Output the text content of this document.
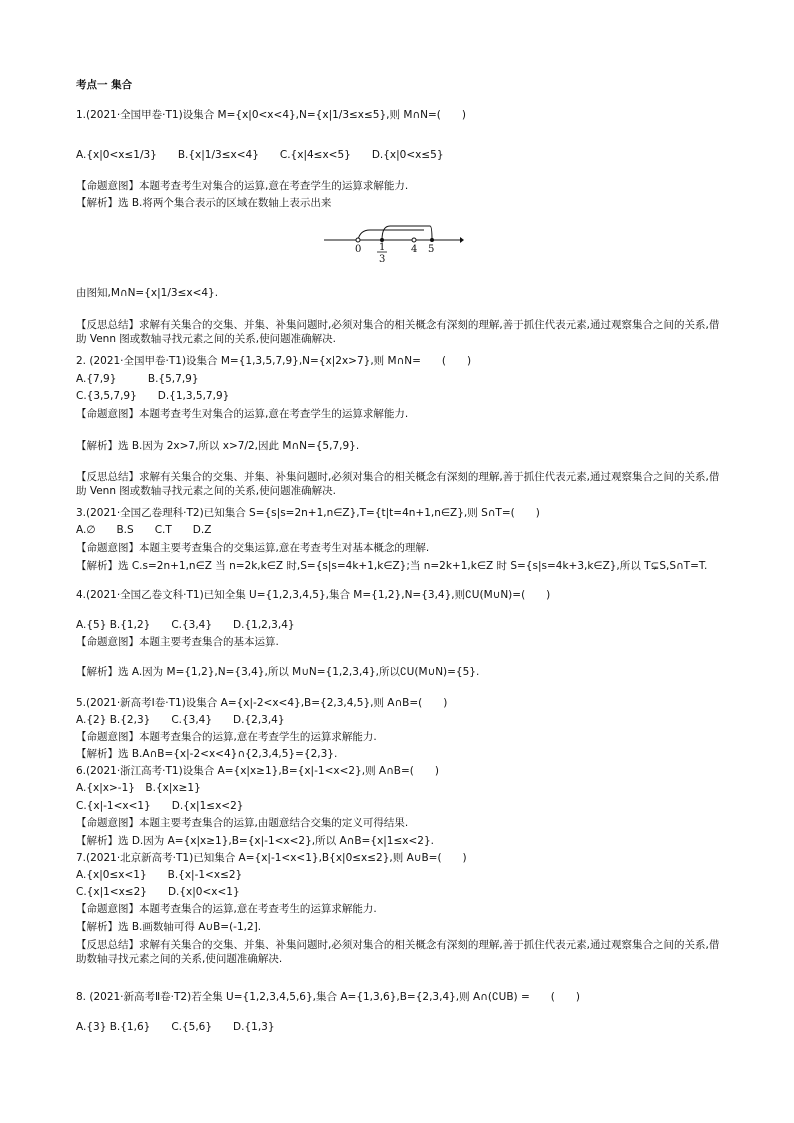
考点一 集合
1.(2021·全国甲卷·T1)设集合 M={x|0<x<4},N={x|1/3≤x≤5},则 M∩N=(　　)
A.{x|0<x≤1/3}　　B.{x|1/3≤x<4}　　C.{x|4≤x<5}　　D.{x|0<x≤5}
【命题意图】本题考查考生对集合的运算,意在考查学生的运算求解能力.
【解析】选 B.将两个集合表示的区域在数轴上表示出来
0 1
3
4 5
由图知,M∩N={x|1/3≤x<4}.
【反思总结】求解有关集合的交集、并集、补集问题时,必须对集合的相关概念有深刻的理解,善于抓住代表元素,通过观察集合之间的关系,借助 Venn 图或数轴寻找元素之间的关系,使问题准确解决.
2. (2021·全国甲卷·T1)设集合 M={1,3,5,7,9},N={x|2x>7},则 M∩N=　　(　　)
A.{7,9}　　　B.{5,7,9}
C.{3,5,7,9}　　D.{1,3,5,7,9}
【命题意图】本题考查考生对集合的运算,意在考查学生的运算求解能力.
【解析】选 B.因为 2x>7,所以 x>7/2,因此 M∩N={5,7,9}.
【反思总结】求解有关集合的交集、并集、补集问题时,必须对集合的相关概念有深刻的理解,善于抓住代表元素,通过观察集合之间的关系,借助 Venn 图或数轴寻找元素之间的关系,使问题准确解决.
3.(2021·全国乙卷理科·T2)已知集合 S={s|s=2n+1,n∈Z},T={t|t=4n+1,n∈Z},则 S∩T=(　　)
A.∅　　B.S　　C.T　　D.Z
【命题意图】本题主要考查集合的交集运算,意在考查考生对基本概念的理解.
【解析】选 C.s=2n+1,n∈Z 当 n=2k,k∈Z 时,S={s|s=4k+1,k∈Z};当 n=2k+1,k∈Z 时 S={s|s=4k+3,k∈Z},所以 T⊊S,S∩T=T.
4.(2021·全国乙卷文科·T1)已知全集 U={1,2,3,4,5},集合 M={1,2},N={3,4},则∁U(M∪N)=(　　)
A.{5} B.{1,2}　　C.{3,4}　　D.{1,2,3,4}
【命题意图】本题主要考查集合的基本运算.
【解析】选 A.因为 M={1,2},N={3,4},所以 M∪N={1,2,3,4},所以∁U(M∪N)={5}.
5.(2021·新高考Ⅰ卷·T1)设集合 A={x|-2<x<4},B={2,3,4,5},则 A∩B=(　　)
A.{2} B.{2,3}　　C.{3,4}　　D.{2,3,4}
【命题意图】本题考查集合的运算,意在考查学生的运算求解能力.
【解析】选 B.A∩B={x|-2<x<4}∩{2,3,4,5}={2,3}.
6.(2021·浙江高考·T1)设集合 A={x|x≥1},B={x|-1<x<2},则 A∩B=(　　)
A.{x|x>-1}　B.{x|x≥1}
C.{x|-1<x<1}　　D.{x|1≤x<2}
【命题意图】本题主要考查集合的运算,由题意结合交集的定义可得结果.
【解析】选 D.因为 A={x|x≥1},B={x|-1<x<2},所以 A∩B={x|1≤x<2}.
7.(2021·北京新高考·T1)已知集合 A={x|-1<x<1},B{x|0≤x≤2},则 A∪B=(　　)
A.{x|0≤x<1}　　B.{x|-1<x≤2}
C.{x|1<x≤2}　　D.{x|0<x<1}
【命题意图】本题考查集合的运算,意在考查考生的运算求解能力.
【解析】选 B.画数轴可得 A∪B=(-1,2].
【反思总结】求解有关集合的交集、并集、补集问题时,必须对集合的相关概念有深刻的理解,善于抓住代表元素,通过观察集合之间的关系,借助数轴寻找元素之间的关系,使问题准确解决.
8. (2021·新高考Ⅱ卷·T2)若全集 U={1,2,3,4,5,6},集合 A={1,3,6},B={2,3,4},则 A∩(∁UB) =　　(　　)
A.{3} B.{1,6}　　C.{5,6}　　D.{1,3}
